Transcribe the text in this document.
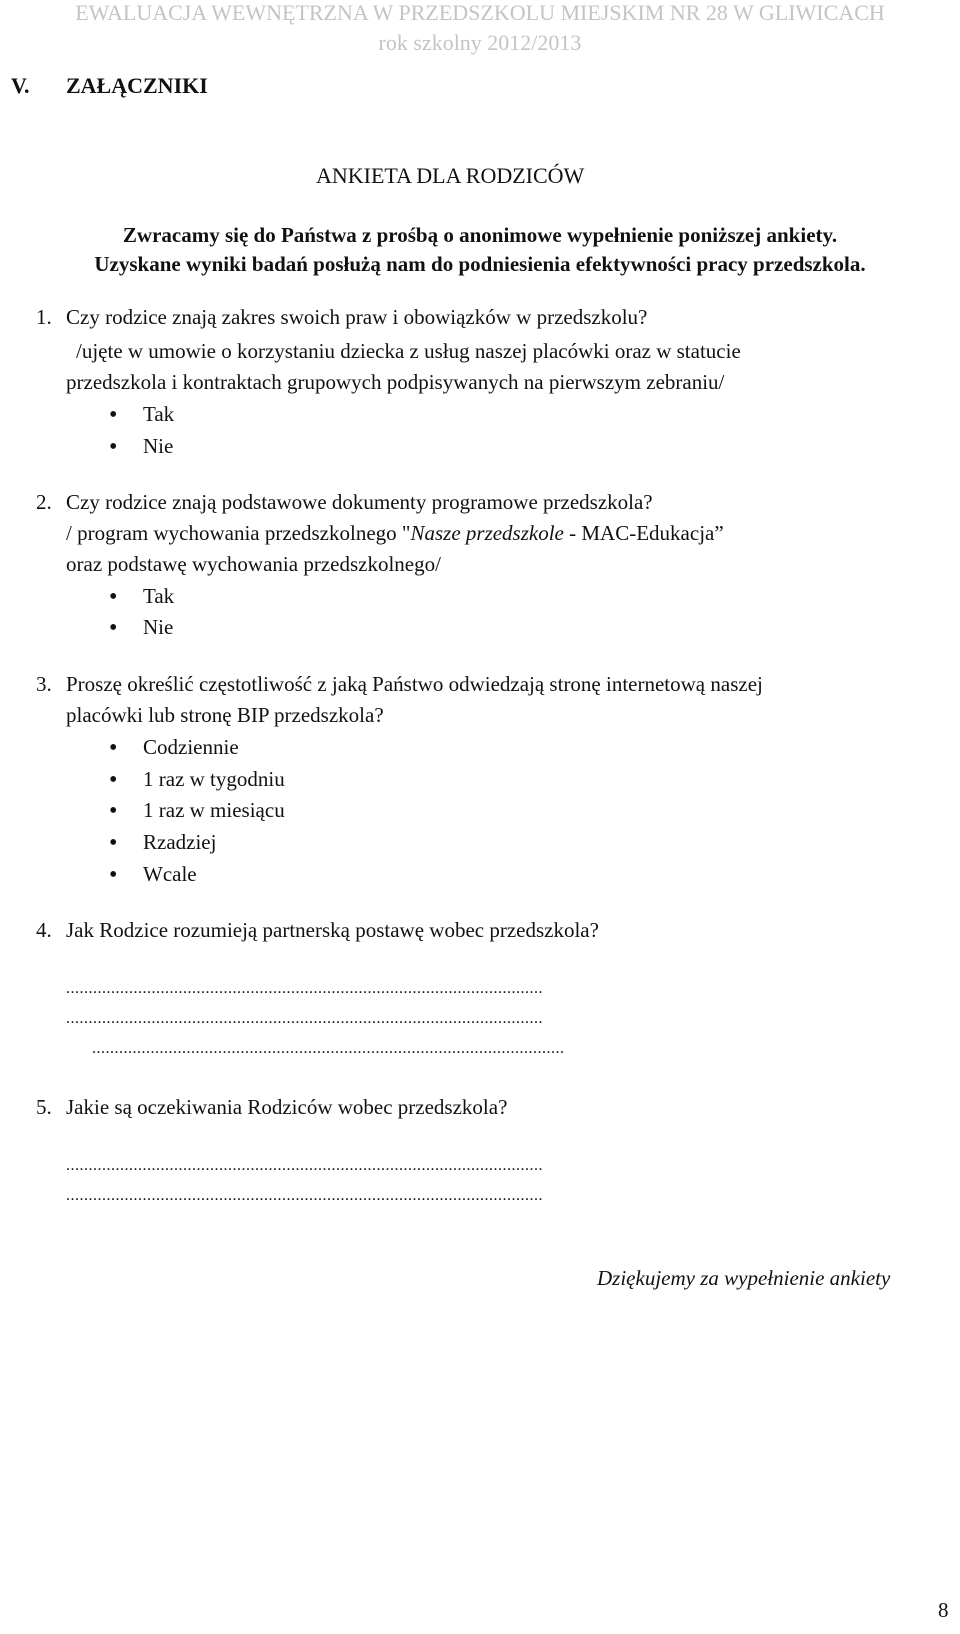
EWALUACJA WEWNĘTRZNA W PRZEDSZKOLU MIEJSKIM NR 28 W GLIWICACH

rok szkolny 2012/2013

V. ZAŁĄCZNIKI

ANKIETA DLA RODZICÓW

Zwracamy się do Państwa z prośbą o anonimowe wypełnienie poniższej ankiety.

Uzyskane wyniki badań posłużą nam do podniesienia efektywności pracy przedszkola.

1. Czy rodzice znają zakres swoich praw i obowiązków w przedszkolu?

/ujęte w umowie o korzystaniu dziecka z usług naszej placówki oraz w statucie

przedszkola i kontraktach grupowych podpisywanych na pierwszym zebraniu/

• Tak

• Nie

2. Czy rodzice znają podstawowe dokumenty programowe przedszkola?

/ program wychowania przedszkolnego "Nasze przedszkole - MAC-Edukacja”

oraz podstawę wychowania przedszkolnego/

• Tak

• Nie

3. Proszę określić częstotliwość z jaką Państwo odwiedzają stronę internetową naszej

placówki lub stronę BIP przedszkola?

• Codziennie

• 1 raz w tygodniu

• 1 raz w miesiącu

• Rzadziej

• Wcale

4. Jak Rodzice rozumieją partnerską postawę wobec przedszkola?

..........................................................................................................

..........................................................................................................

.........................................................................................................

5. Jakie są oczekiwania Rodziców wobec przedszkola?

..........................................................................................................

..........................................................................................................

Dziękujemy za wypełnienie ankiety

8
